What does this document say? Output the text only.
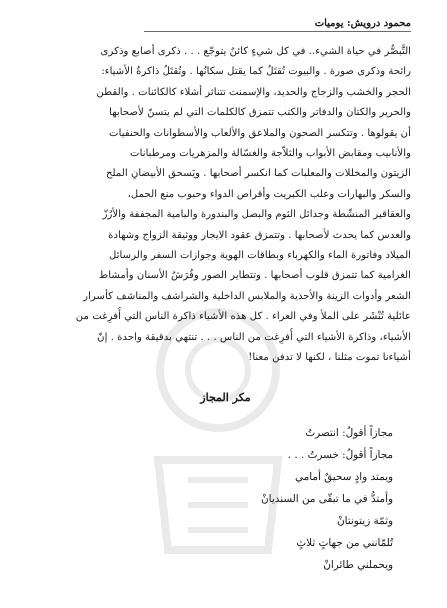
محمود درويش: يوميات
التَّبصُّر في حياة الشيء.. في كل شيءٍ كائنٌ يتوجّع . . . ذكرى أصابع وذكرى
رائحة وذكرى صورة . والبيوت تُقتَلُ كما يقتل سكانُها . وتُقتَلُ ذاكرةُ الأشياء:
الحجر والخشب والزجاج والحديد، والإسمنت تتناثر أشلاء كالكائنات . والقطن
والحرير والكتان والدفاتر والكتب تتمزق كالكلمات التي لم يتسنّ لأصحابها
أن يقولوها . وتتكسر الصحون والملاعق والألعاب والأسطوانات والحنفيات
والأنابيب ومقابض الأبواب والثلاّجة والغسّالة والمزهريات ومرطبانات
الزيتون والمخللات والمعلبات كما انكسر أصحابها . ويَسحق الأبيضانِ الملح
والسكر والبهارات وعلب الكبريت وأقراص الدواء وحبوب منع الحمل،
والعقاقير المنشّطة وجدائل الثوم والبصل والبندورة والبامية المجففة والأرُزّ
والعدس كما يحدث لأصحابها . وتتمزق عقود الايجار ووثيقة الزواج وشهادة
الميلاد وفاتورة الماء والكهرباء وبطاقات الهوية وجوازات السفر والرسائل
الغرامية كما تتمزق قلوب أصحابها . وتتطاير الصور وفُرَشُ الأسنان وأمشاط
الشعر وأدوات الزينة والأحذية والملابس الداخلية والشراشف والمناشف كأسرار
عائلية تُنْشَر على الملأ وفي العراء . كل هذه الأشياء ذاكرة الناس التي أُفرِغت من
الأشياء، وذاكرة الأشياء التي أُفرِغت من الناس . . . تنتهي بدقيقة واحدة . إنّ
أشياءنا تموت مثلنا ، لكنها لا تدفن معنا!
مكر المجاز
مجازاً أقولُ: انتصرتُ
مجازاً أقولُ: خسرتُ . . .
ويمتد وادٍ سحيقٌ أمامي
وأمتدُّ في ما تبقّى من السنديانْ
وثمّة زيتونتانْ
تُلمّانني من جهاتٍ ثلاثٍ
ويحملني طائرانْ
